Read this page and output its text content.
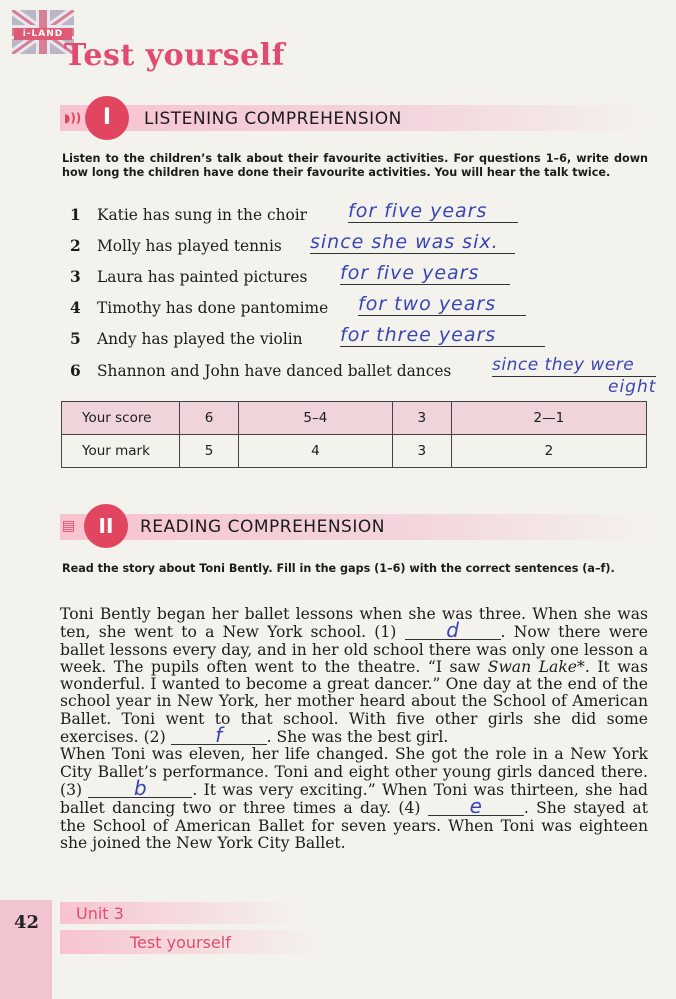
i-LAND
Test yourself
◗)) I	LISTENING COMPREHENSION
Listen to the children’s talk about their favourite activities. For questions 1–6, write down how long the children have done their favourite activities. You will hear the talk twice.
1 Katie has sung in the choir for five years
2 Molly has played tennis since she was six.
3 Laura has painted pictures for five years
4 Timothy has done pantomime for two years
5 Andy has played the violin for three years
6 Shannon and John have danced ballet dances since they were
eight
Your score	6	5–4	3	2—1
Your mark	5	4	3	2
▤	II	READING COMPREHENSION
Read the story about Toni Bently. Fill in the gaps (1–6) with the correct sentences (a–f).
Toni Bently began her ballet lessons when she was three. When she was ten, she went to a New York school. (1) d	. Now there were ballet lessons every day, and in her old school there was only one lesson a week. The pupils often went to the theatre. “I saw Swan Lake*. It was wonderful. I wanted to become a great dancer.” One day at the end of the school year in New York, her mother heard about the School of American Ballet. Toni went to that school. With five other girls she did some exercises. (2) f	. She was the best girl.
When Toni was eleven, her life changed. She got the role in a New York City Ballet’s performance. Toni and eight other young girls danced there. (3) b	. It was very exciting.” When Toni was thirteen, she had ballet dancing two or three times a day. (4) e	. She stayed at the School of American Ballet for seven years. When Toni was eighteen she joined the New York City Ballet.
42 Unit 3
Test yourself
